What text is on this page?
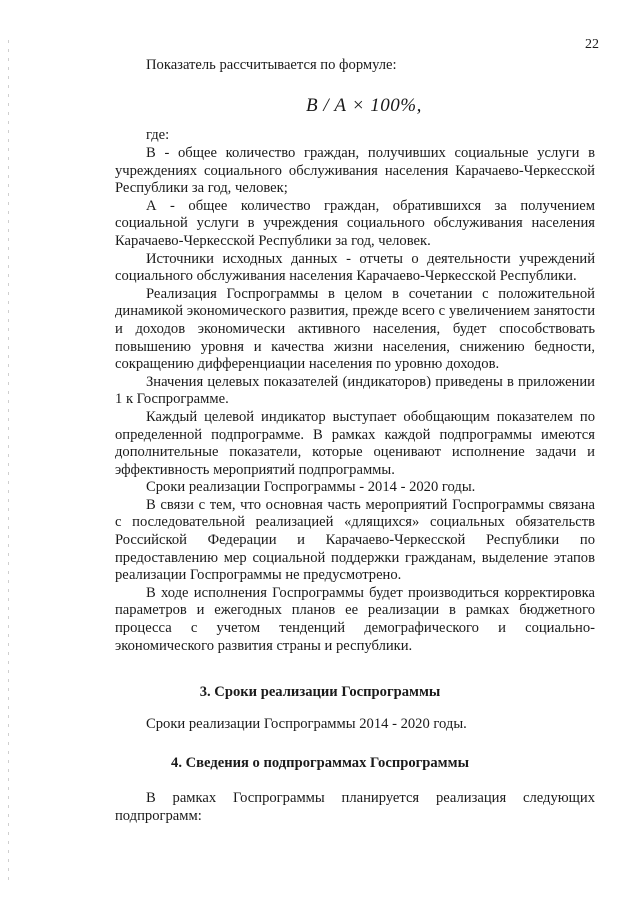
22
Показатель рассчитывается по формуле:
В / А × 100%,
где:

В - общее количество граждан, получивших социальные услуги в учреждениях социального обслуживания населения Карачаево-Черкесской Республики за год, человек;

А - общее количество граждан, обратившихся за получением социальной услуги в учреждения социального обслуживания населения Карачаево-Черкесской Республики за год, человек.

Источники исходных данных - отчеты о деятельности учреждений социального обслуживания населения Карачаево-Черкесской Республики.

Реализация Госпрограммы в целом в сочетании с положительной динамикой экономического развития, прежде всего с увеличением занятости и доходов экономически активного населения, будет способствовать повышению уровня и качества жизни населения, снижению бедности, сокращению дифференциации населения по уровню доходов.

Значения целевых показателей (индикаторов) приведены в приложении 1 к Госпрограмме.

Каждый целевой индикатор выступает обобщающим показателем по определенной подпрограмме. В рамках каждой подпрограммы имеются дополнительные показатели, которые оценивают исполнение задачи и эффективность мероприятий подпрограммы.

Сроки реализации Госпрограммы - 2014 - 2020 годы.

В связи с тем, что основная часть мероприятий Госпрограммы связана с последовательной реализацией «длящихся» социальных обязательств Российской Федерации и Карачаево-Черкесской Республики по предоставлению мер социальной поддержки гражданам, выделение этапов реализации Госпрограммы не предусмотрено.

В ходе исполнения Госпрограммы будет производиться корректировка параметров и ежегодных планов ее реализации в рамках бюджетного процесса с учетом тенденций демографического и социально-экономического развития страны и республики.

3. Сроки реализации Госпрограммы
Сроки реализации Госпрограммы 2014 - 2020 годы.
4. Сведения о подпрограммах Госпрограммы

В рамках Госпрограммы планируется реализация следующих подпрограмм:
